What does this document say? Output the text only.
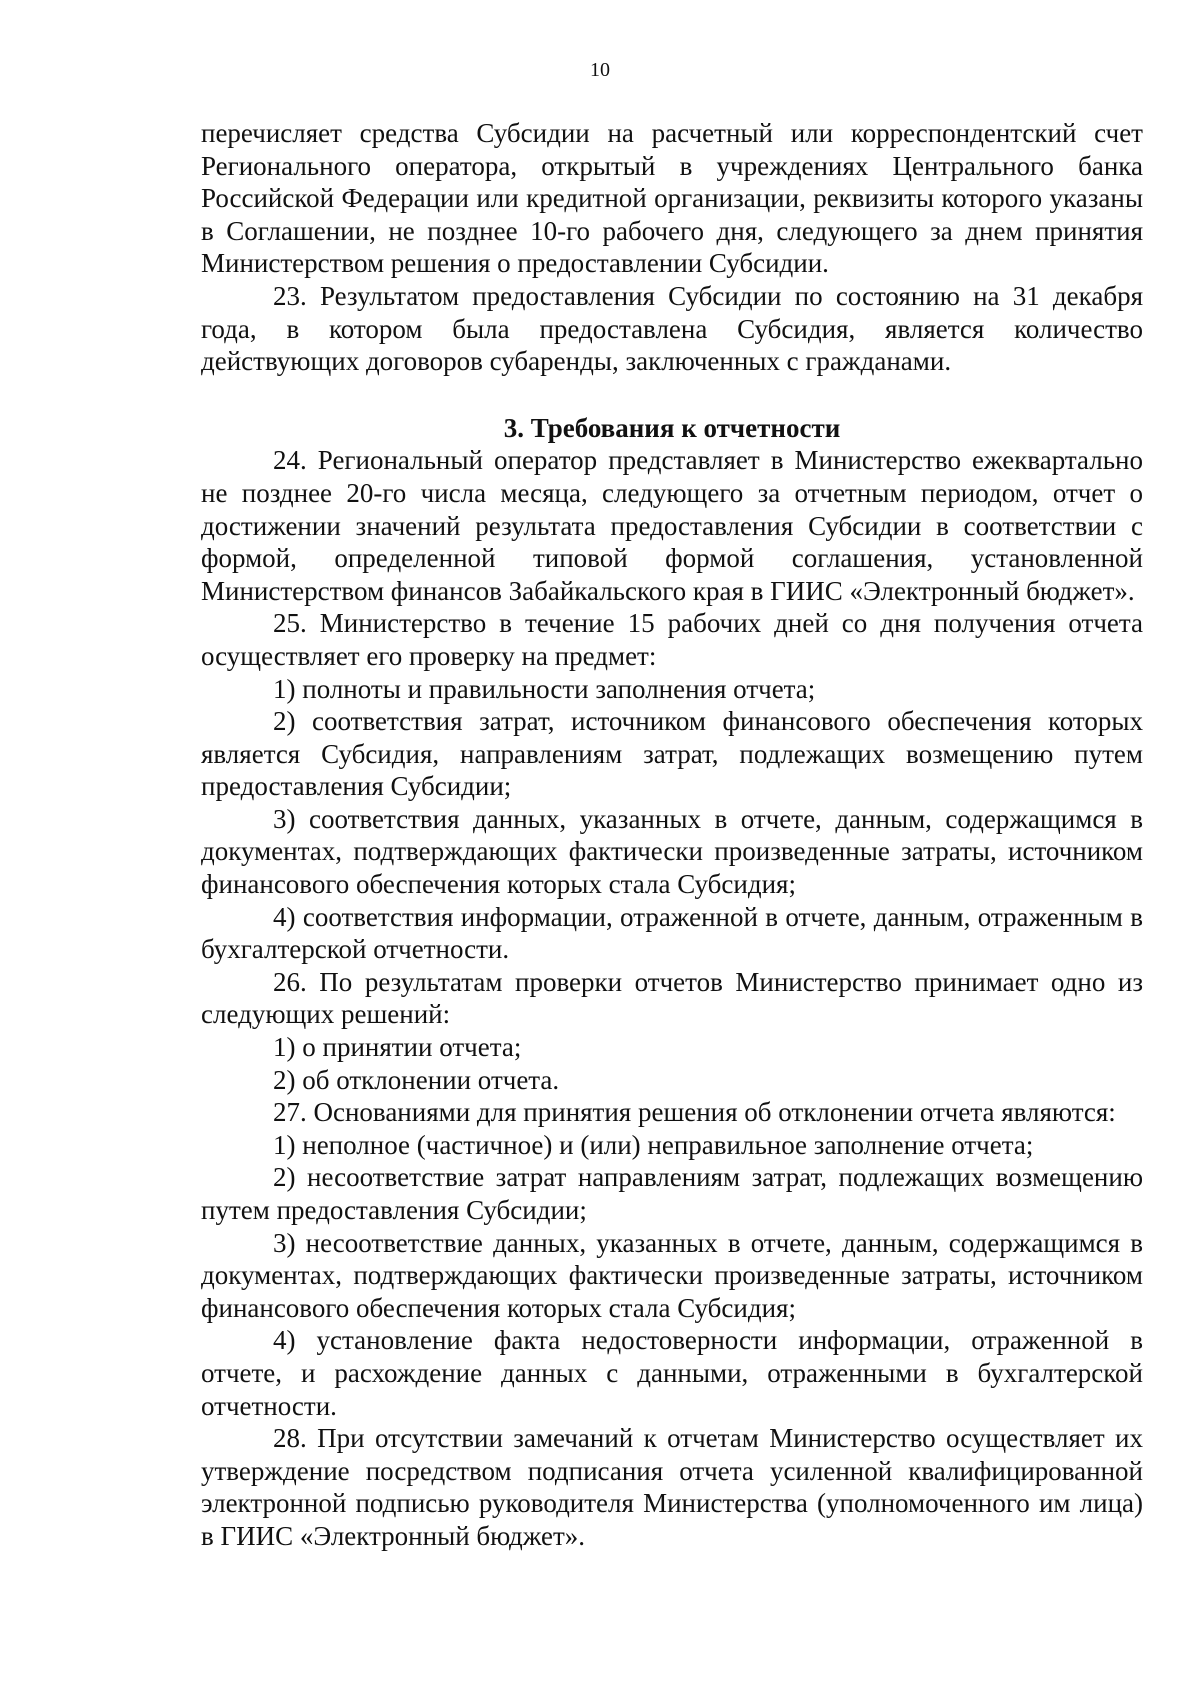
10

перечисляет средства Субсидии на расчетный или корреспондентский счет Регионального оператора, открытый в учреждениях Центрального банка Российской Федерации или кредитной организации, реквизиты которого указаны в Соглашении, не позднее 10-го рабочего дня, следующего за днем принятия Министерством решения о предоставлении Субсидии.

23. Результатом предоставления Субсидии по состоянию на 31 декабря года, в котором была предоставлена Субсидия, является количество действующих договоров субаренды, заключенных с гражданами.

3. Требования к отчетности

24. Региональный оператор представляет в Министерство ежеквартально не позднее 20-го числа месяца, следующего за отчетным периодом, отчет о достижении значений результата предоставления Субсидии в соответствии с формой, определенной типовой формой соглашения, установленной Министерством финансов Забайкальского края в ГИИС «Электронный бюджет».

25. Министерство в течение 15 рабочих дней со дня получения отчета осуществляет его проверку на предмет:

1) полноты и правильности заполнения отчета;

2) соответствия затрат, источником финансового обеспечения которых является Субсидия, направлениям затрат, подлежащих возмещению путем предоставления Субсидии;

3) соответствия данных, указанных в отчете, данным, содержащимся в документах, подтверждающих фактически произведенные затраты, источником финансового обеспечения которых стала Субсидия;

4) соответствия информации, отраженной в отчете, данным, отраженным в бухгалтерской отчетности.

26. По результатам проверки отчетов Министерство принимает одно из следующих решений:

1) о принятии отчета;

2) об отклонении отчета.

27. Основаниями для принятия решения об отклонении отчета являются:

1) неполное (частичное) и (или) неправильное заполнение отчета;

2) несоответствие затрат направлениям затрат, подлежащих возмещению путем предоставления Субсидии;

3) несоответствие данных, указанных в отчете, данным, содержащимся в документах, подтверждающих фактически произведенные затраты, источником финансового обеспечения которых стала Субсидия;

4) установление факта недостоверности информации, отраженной в отчете, и расхождение данных с данными, отраженными в бухгалтерской отчетности.

28. При отсутствии замечаний к отчетам Министерство осуществляет их утверждение посредством подписания отчета усиленной квалифицированной электронной подписью руководителя Министерства (уполномоченного им лица) в ГИИС «Электронный бюджет».
